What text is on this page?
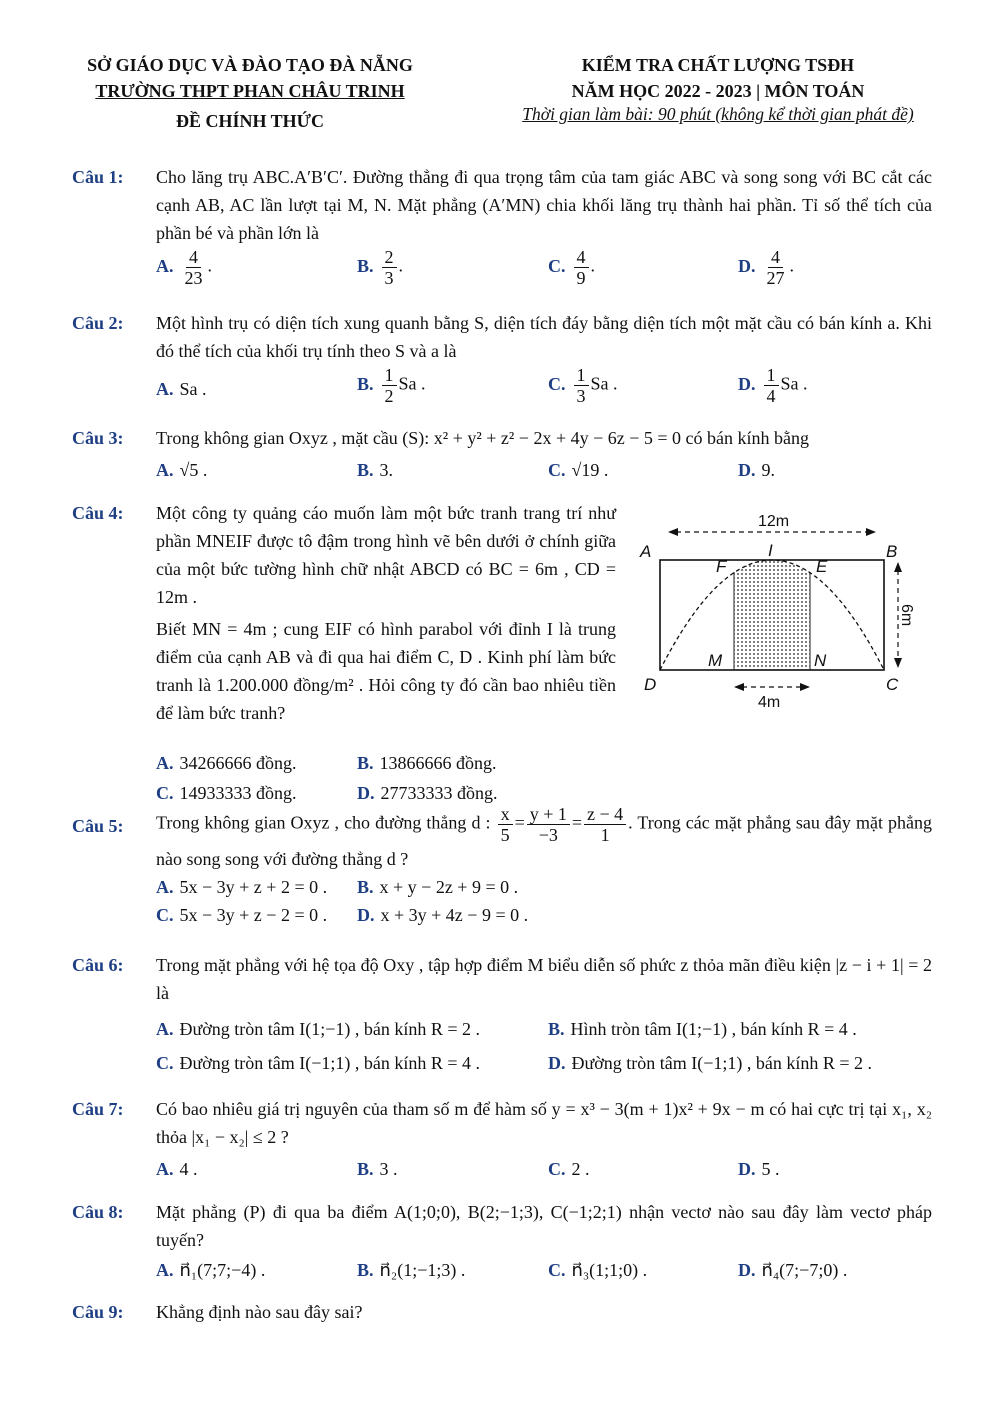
SỞ GIÁO DỤC VÀ ĐÀO TẠO ĐÀ NẴNG
TRƯỜNG THPT PHAN CHÂU TRINH
ĐỀ CHÍNH THỨC
KIỂM TRA CHẤT LƯỢNG TSĐH
NĂM HỌC 2022 - 2023 | MÔN TOÁN
Thời gian làm bài: 90 phút (không kể thời gian phát đề)
Câu 1: Cho lăng trụ ABC.A′B′C′. Đường thẳng đi qua trọng tâm của tam giác ABC và song song với BC cắt các cạnh AB, AC lần lượt tại M, N. Mặt phẳng (A′MN) chia khối lăng trụ thành hai phần. Tỉ số thể tích của phần bé và phần lớn là
A. $\frac{4}{23}$ .	B. $\frac{2}{3}$ .	C. $\frac{4}{9}$ .	D. $\frac{4}{27}$ .
Câu 2: Một hình trụ có diện tích xung quanh bằng S, diện tích đáy bằng diện tích một mặt cầu có bán kính a. Khi đó thể tích của khối trụ tính theo S và a là
A. Sa .	B. $\frac{1}{2}$ Sa .	C. $\frac{1}{3}$ Sa .	D. $\frac{1}{4}$ Sa .
Câu 3: Trong không gian Oxyz , mặt cầu (S): x² + y² + z² − 2x + 4y − 6z − 5 = 0 có bán kính bằng
A. √5 .	B. 3.	C. √19 .	D. 9.
Câu 4: Một công ty quảng cáo muốn làm một bức tranh trang trí như phần MNEIF được tô đậm trong hình vẽ bên dưới ở chính giữa của một bức tường hình chữ nhật ABCD có BC = 6m , CD = 12m .
Biết MN = 4m ; cung EIF có hình parabol với đỉnh I là trung điểm của cạnh AB và đi qua hai điểm C, D . Kinh phí làm bức tranh là 1.200.000 đồng/m² . Hỏi công ty đó cần bao nhiêu tiền để làm bức tranh?
A. 34266666 đồng.	B. 13866666 đồng.
C. 14933333 đồng.	D. 27733333 đồng.
A	B
C
D
I
F	E
M	N
12m
4m
6m
Câu 5: Trong không gian Oxyz , cho đường thẳng d : $\frac{x}{5} = \frac{y + 1}{-3} = \frac{z - 4}{1}$ . Trong các mặt phẳng sau đây mặt phẳng nào song song với đường thẳng d ?
A. 5x − 3y + z + 2 = 0 . B. x + y − 2z + 9 = 0 .
C. 5x − 3y + z − 2 = 0 . D. x + 3y + 4z − 9 = 0 .
Câu 6: Trong mặt phẳng với hệ tọa độ Oxy , tập hợp điểm M biểu diễn số phức z thỏa mãn điều kiện |z − i + 1| = 2 là
A. Đường tròn tâm I(1;−1) , bán kính R = 2 .	B. Hình tròn tâm I(1;−1) , bán kính R = 4 .
C. Đường tròn tâm I(−1;1) , bán kính R = 4 .	D. Đường tròn tâm I(−1;1) , bán kính R = 2 .
Câu 7: Có bao nhiêu giá trị nguyên của tham số m để hàm số y = x³ − 3(m + 1)x² + 9x − m có hai cực trị tại x₁, x₂ thỏa |x₁ − x₂| ≤ 2 ?
A. 4 .	B. 3 .	C. 2 .	D. 5 .
Câu 8: Mặt phẳng (P) đi qua ba điểm A(1;0;0), B(2;−1;3), C(−1;2;1) nhận vectơ nào sau đây làm vectơ pháp tuyến?
A. n⃗₁(7;7;−4) .	B. n⃗₂(1;−1;3) .	C. n⃗₃(1;1;0) .	D. n⃗₄(7;−7;0) .
Câu 9: Khẳng định nào sau đây sai?
